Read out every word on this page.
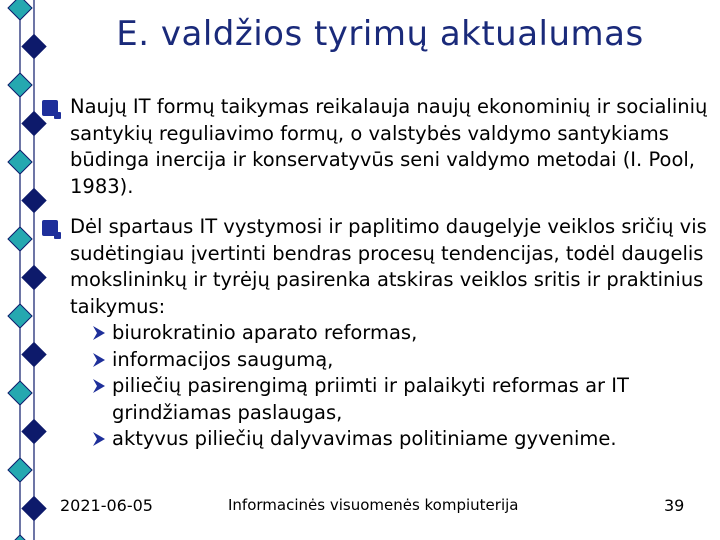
E. valdžios tyrimų aktualumas
Naujų IT formų taikymas reikalauja naujų ekonominių ir socialinių santykių reguliavimo formų, o valstybės valdymo santykiams būdinga inercija ir konservatyvūs seni valdymo metodai (I. Pool, 1983).
Dėl spartaus IT vystymosi ir paplitimo daugelyje veiklos sričių vis sudėtingiau įvertinti bendras procesų tendencijas, todėl daugelis mokslininkų ir tyrėjų pasirenka atskiras veiklos sritis ir praktinius taikymus:
biurokratinio aparato reformas,
informacijos saugumą,
piliečių pasirengimą priimti ir palaikyti reformas ar IT grindžiamas paslaugas,
aktyvus piliečių dalyvavimas politiniame gyvenime.
2021-06-05	Informacinės visuomenės kompiuterija	39
